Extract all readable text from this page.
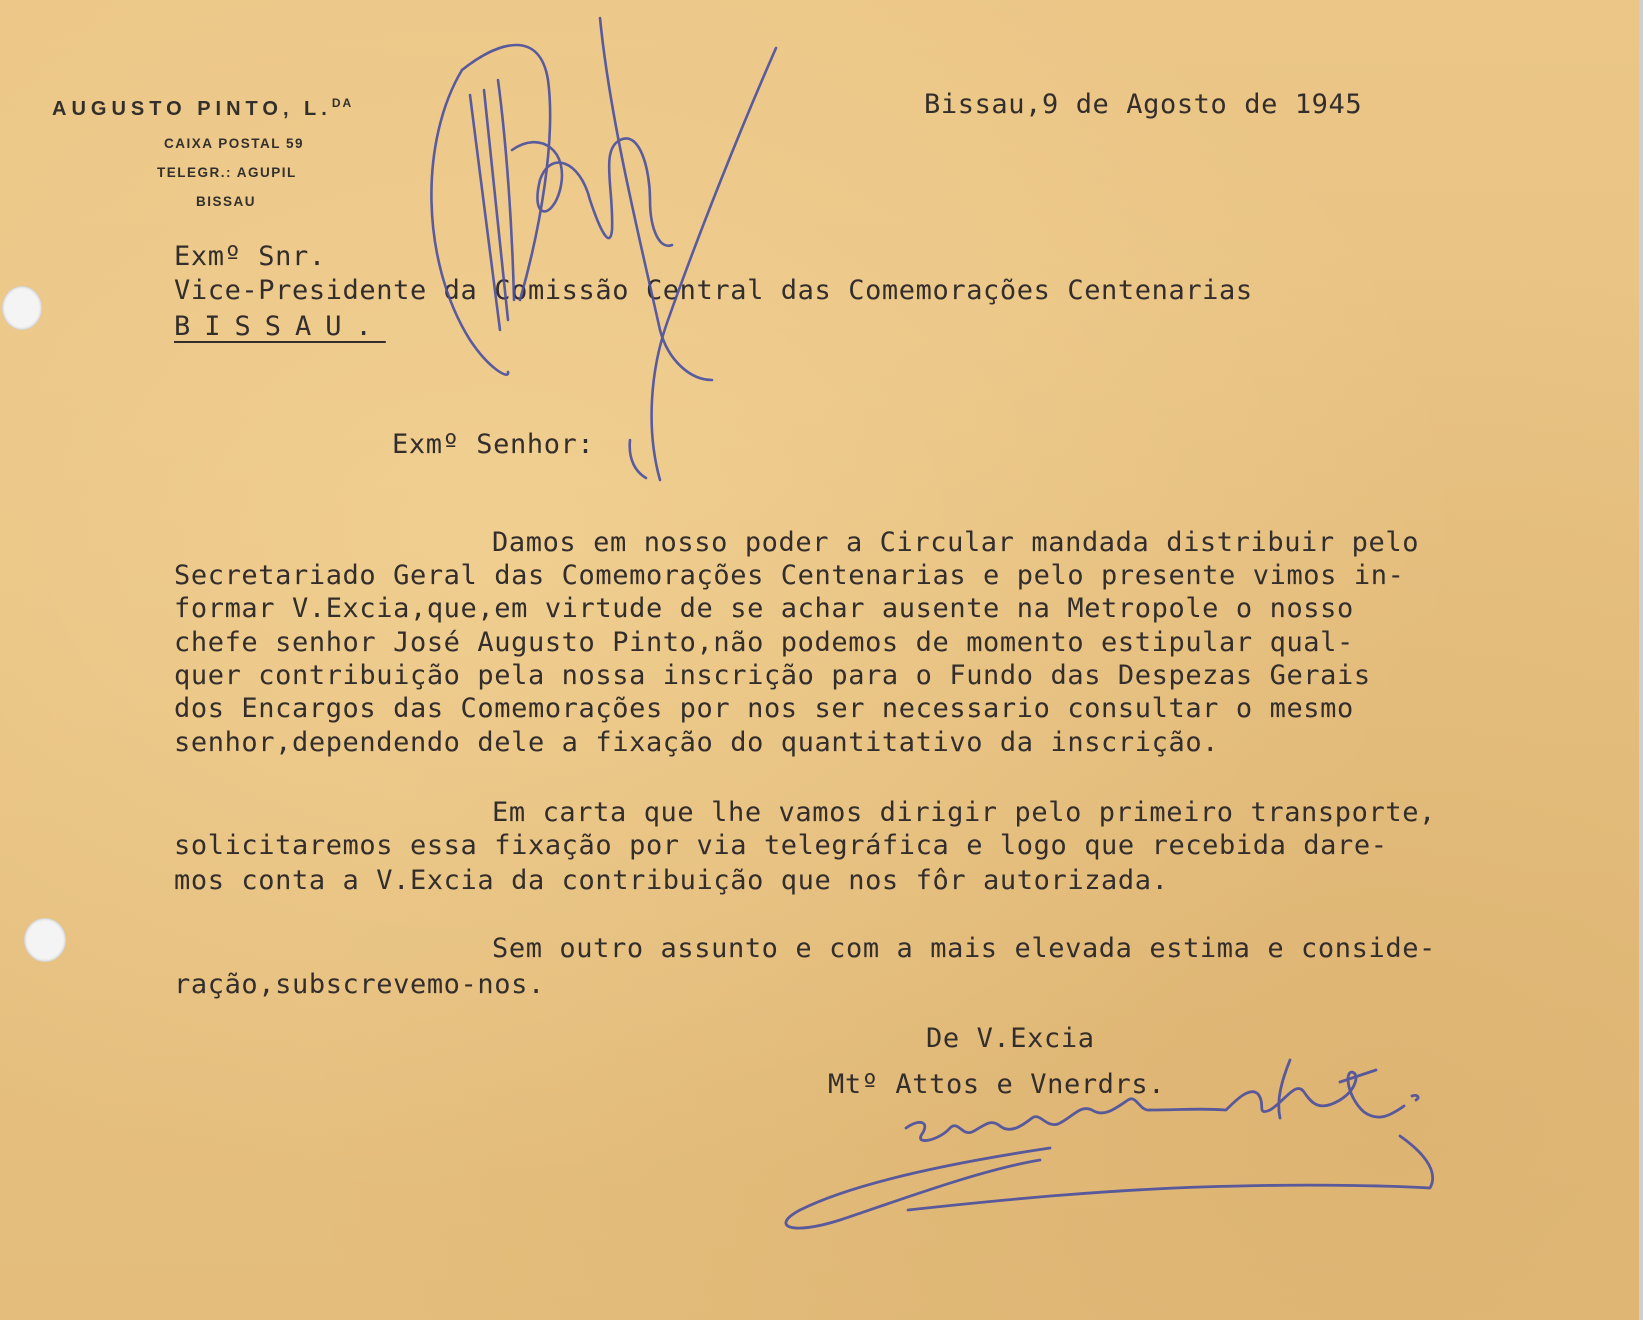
AUGUSTO PINTO, L.$^{DA}$
CAIXA POSTAL 59
TELEGR.: AGUPIL
BISSAU
Bissau,9 de Agosto de 1945
Exmº Snr.
Vice-Presidente da Comissão Central das Comemorações Centenarias
BISSAU.
Exmº Senhor:
Damos em nosso poder a Circular mandada distribuir pelo
Secretariado Geral das Comemorações Centenarias e pelo presente vimos in-
formar V.Excia,que,em virtude de se achar ausente na Metropole o nosso
chefe senhor José Augusto Pinto,não podemos de momento estipular qual-
quer contribuição pela nossa inscrição para o Fundo das Despezas Gerais
dos Encargos das Comemorações por nos ser necessario consultar o mesmo
senhor,dependendo dele a fixação do quantitativo da inscrição.
Em carta que lhe vamos dirigir pelo primeiro transporte,
solicitaremos essa fixação por via telegráfica e logo que recebida dare-
mos conta a V.Excia da contribuição que nos fôr autorizada.
Sem outro assunto e com a mais elevada estima e conside-
ração,subscrevemo-nos.
De V.Excia
Mtº Attos e Vnerdrs.
